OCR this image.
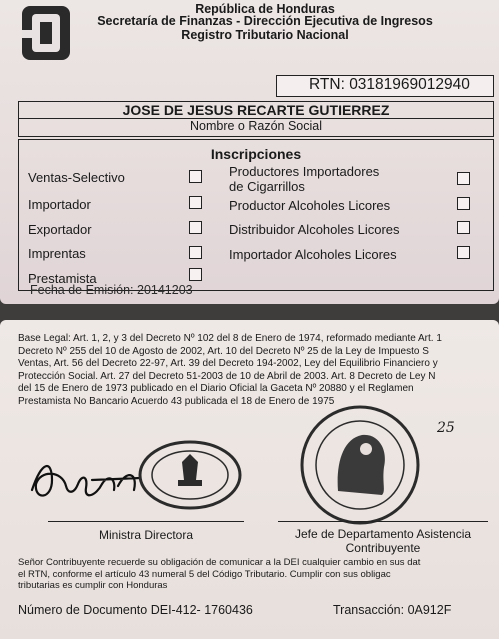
República de Honduras
Secretaría de Finanzas - Dirección Ejecutiva de Ingresos
Registro Tributario Nacional
RTN: 03181969012940
JOSE DE JESUS RECARTE GUTIERREZ
Nombre o Razón Social
Inscripciones
Ventas-Selectivo
Importador
Exportador
Imprentas
Prestamista
Productores Importadores
de Cigarrillos
Productor Alcoholes Licores
Distribuidor Alcoholes Licores
Importador Alcoholes Licores
Fecha de Emisión: 20141203
Base Legal: Art. 1, 2, y 3 del Decreto Nº 102 del 8 de Enero de 1974, reformado mediante Art. 1
Decreto Nº 255 del 10 de Agosto de 2002, Art. 10 del Decreto Nº 25 de la Ley de Impuesto S
Ventas, Art. 56 del Decreto 22-97, Art. 39 del Decreto 194-2002, Ley del Equilibrio Financiero y
Protección Social. Art. 27 del Decreto 51-2003 de 10 de Abril de 2003. Art. 8 Decreto de Ley N
del 15 de Enero de 1973 publicado en el Diario Oficial la Gaceta Nº 20880 y el Reglamen
Prestamista No Bancario Acuerdo 43 publicada el 18 de Enero de 1975
25
Ministra Directora	Jefe de Departamento Asistencia
Contribuyente
Señor Contribuyente recuerde su obligación de comunicar a la DEI cualquier cambio en sus dat
el RTN, conforme el artículo 43 numeral 5 del Código Tributario. Cumplir con sus obligac
tributarias es cumplir con Honduras
Número de Documento DEI-412- 1760436	Transacción: 0A912F
